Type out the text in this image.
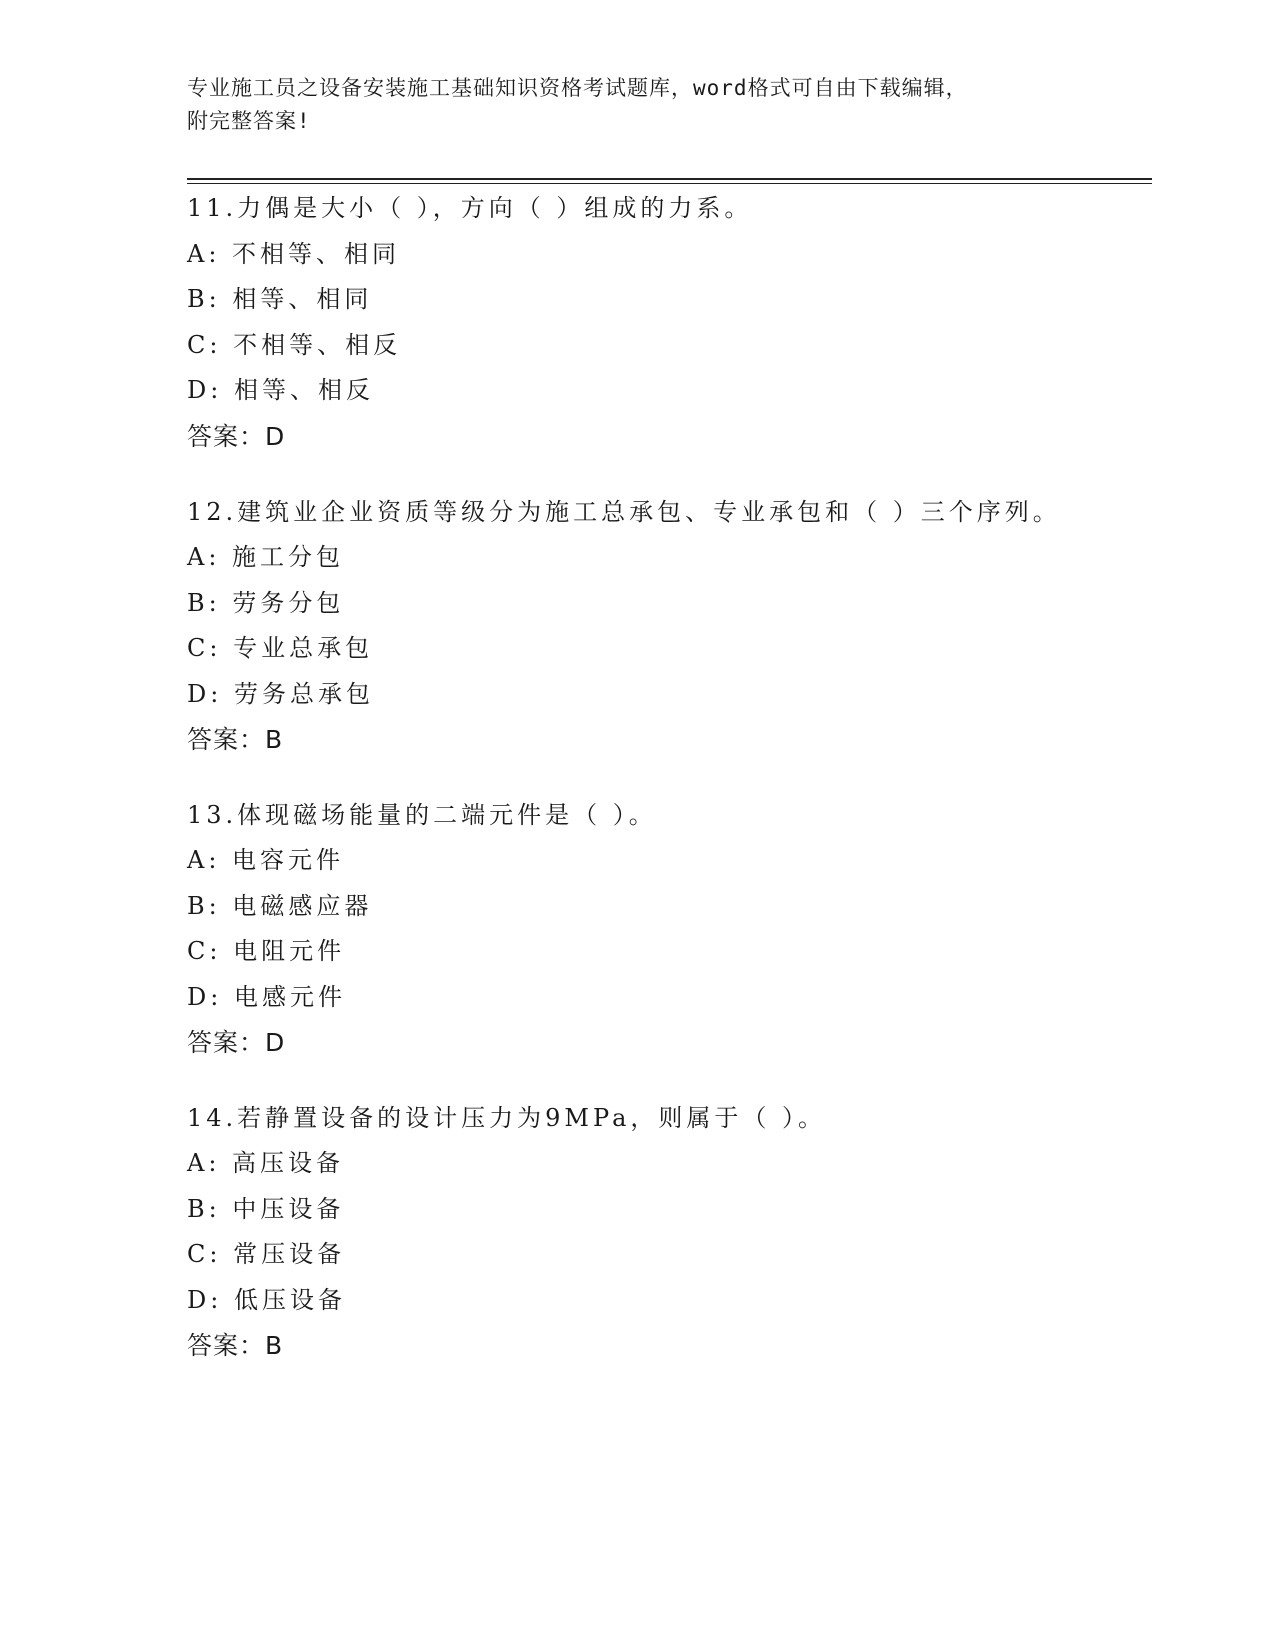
专业施工员之设备安装施工基础知识资格考试题库，word格式可自由下载编辑，
附完整答案!
11.力偶是大小（ ），方向（ ）组成的力系。
A: 不相等、相同
B: 相等、相同
C: 不相等、相反
D: 相等、相反
答案：D
12.建筑业企业资质等级分为施工总承包、专业承包和（ ）三个序列。
A: 施工分包
B: 劳务分包
C: 专业总承包
D: 劳务总承包
答案：B
13.体现磁场能量的二端元件是（ ）。
A: 电容元件
B: 电磁感应器
C: 电阻元件
D: 电感元件
答案：D
14.若静置设备的设计压力为9MPa，则属于（ ）。
A: 高压设备
B: 中压设备
C: 常压设备
D: 低压设备
答案：B
